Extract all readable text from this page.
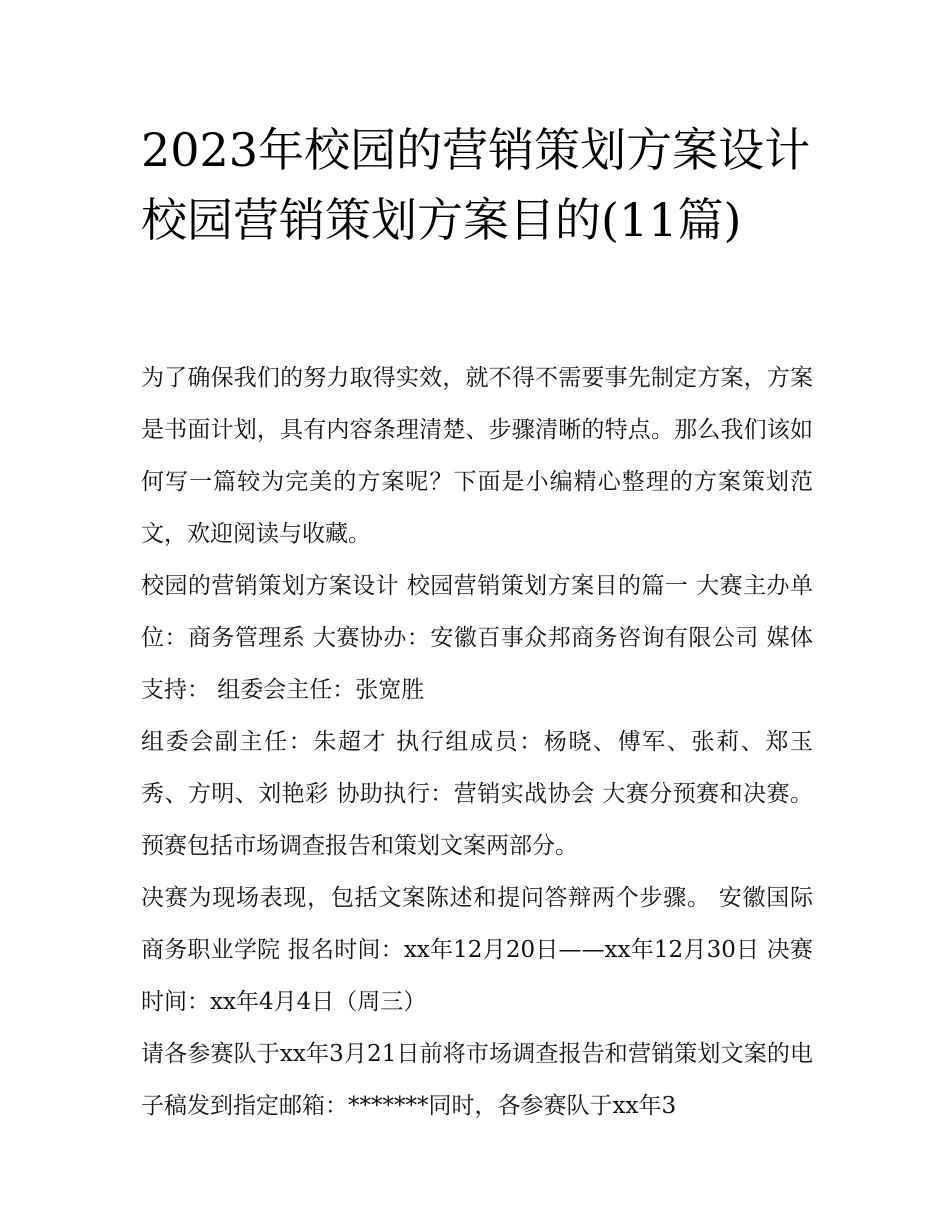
2023年校园的营销策划方案设计 校园营销策划方案目的(11篇)

为了确保我们的努力取得实效，就不得不需要事先制定方案，方案是书面计划，具有内容条理清楚、步骤清晰的特点。那么我们该如何写一篇较为完美的方案呢？下面是小编精心整理的方案策划范文，欢迎阅读与收藏。

校园的营销策划方案设计 校园营销策划方案目的篇一 大赛主办单位：商务管理系 大赛协办：安徽百事众邦商务咨询有限公司 媒体支持： 组委会主任：张宽胜

组委会副主任：朱超才 执行组成员：杨晓、傅军、张莉、郑玉秀、方明、刘艳彩 协助执行：营销实战协会 大赛分预赛和决赛。 预赛包括市场调查报告和策划文案两部分。

决赛为现场表现，包括文案陈述和提问答辩两个步骤。 安徽国际商务职业学院 报名时间：xx年12月20日——xx年12月30日 决赛时间：xx年4月4日（周三）

请各参赛队于xx年3月21日前将市场调查报告和营销策划文案的电子稿发到指定邮箱：*******同时，各参赛队于xx年3
